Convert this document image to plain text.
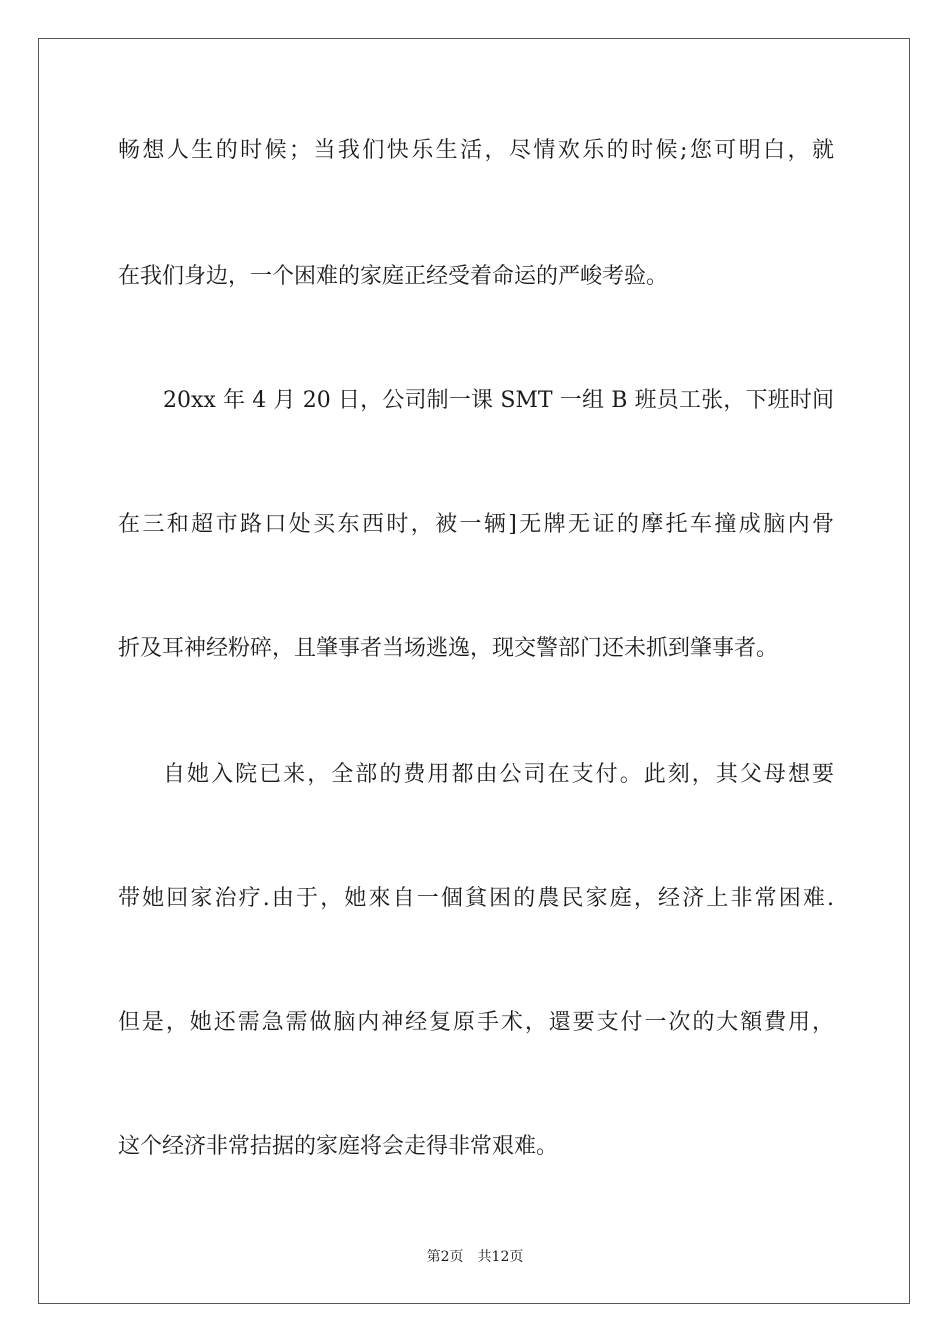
畅想人生的时候；当我们快乐生活，尽情欢乐的时候;您可明白，就
在我们身边，一个困难的家庭正经受着命运的严峻考验。
20xx 年 4 月 20 日，公司制一课 SMT 一组 B 班员工张，下班时间
在三和超市路口处买东西时，被一辆]无牌无证的摩托车撞成脑内骨
折及耳神经粉碎，且肇事者当场逃逸，现交警部门还未抓到肇事者。
自她入院已来，全部的费用都由公司在支付。此刻，其父母想要
带她回家治疗.由于，她來自一個貧困的農民家庭，经济上非常困难.
但是，她还需急需做脑内神经复原手术，還要支付一次的大額費用，
这个经济非常拮据的家庭将会走得非常艰难。
第2页 共12页
